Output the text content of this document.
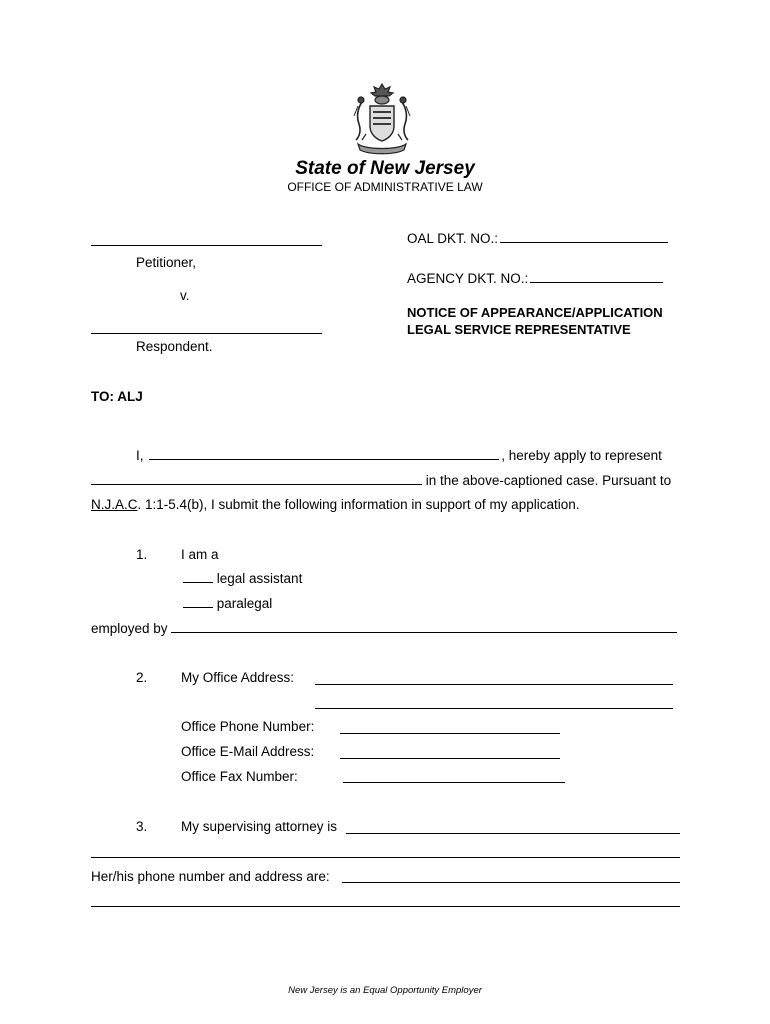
State of New Jersey
OFFICE OF ADMINISTRATIVE LAW
Petitioner,
v.
Respondent.
OAL DKT. NO.:
AGENCY DKT. NO.:
NOTICE OF APPEARANCE/APPLICATION
LEGAL SERVICE REPRESENTATIVE
TO: ALJ
I,	, hereby apply to represent
in the above-captioned case. Pursuant to
N.J.A.C. 1:1-5.4(b), I submit the following information in support of my application.
1. I am a
legal assistant
paralegal
employed by
2. My Office Address:
Office Phone Number:
Office E-Mail Address:
Office Fax Number:
3. My supervising attorney is
Her/his phone number and address are:
New Jersey is an Equal Opportunity Employer
